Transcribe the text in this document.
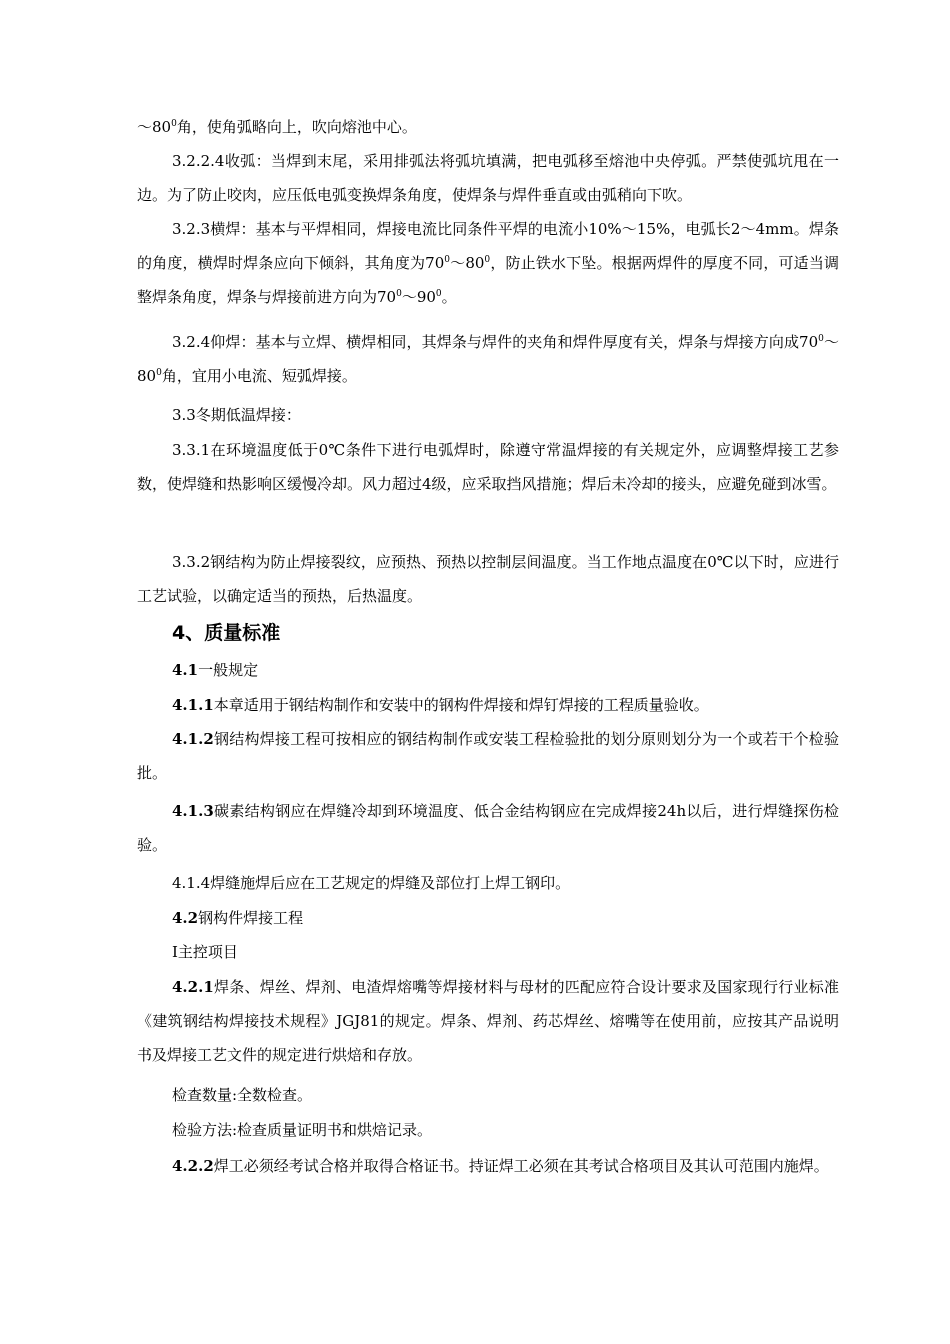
$\sim 80^0$角，使角弧略向上，吹向熔池中心。

3.2.2.4收弧：当焊到末尾，采用排弧法将弧坑填满，把电弧移至熔池中央停弧。严禁使弧坑甩在一边。为了防止咬肉，应压低电弧变换焊条角度，使焊条与焊件垂直或由弧稍向下吹。

3.2.3横焊：基本与平焊相同，焊接电流比同条件平焊的电流小10%～15%，电弧长2～4mm。焊条的角度，横焊时焊条应向下倾斜，其角度为$70^0\sim 80^0$，防止铁水下坠。根据两焊件的厚度不同，可适当调整焊条角度，焊条与焊接前进方向为$70^0\sim 90^0$。

3.2.4仰焊：基本与立焊、横焊相同，其焊条与焊件的夹角和焊件厚度有关，焊条与焊接方向成$70^0\sim 80^0$角，宜用小电流、短弧焊接。

3.3冬期低温焊接：

3.3.1在环境温度低于0℃条件下进行电弧焊时，除遵守常温焊接的有关规定外，应调整焊接工艺参数，使焊缝和热影响区缓慢冷却。风力超过4级，应采取挡风措施；焊后未冷却的接头，应避免碰到冰雪。

3.3.2钢结构为防止焊接裂纹，应预热、预热以控制层间温度。当工作地点温度在0℃以下时，应进行工艺试验，以确定适当的预热，后热温度。

4、质量标准

4.1一般规定

4.1.1本章适用于钢结构制作和安装中的钢构件焊接和焊钉焊接的工程质量验收。

4.1.2钢结构焊接工程可按相应的钢结构制作或安装工程检验批的划分原则划分为一个或若干个检验批。

4.1.3碳素结构钢应在焊缝冷却到环境温度、低合金结构钢应在完成焊接24h以后，进行焊缝探伤检验。

4.1.4焊缝施焊后应在工艺规定的焊缝及部位打上焊工钢印。

4.2钢构件焊接工程

Ⅰ主控项目

4.2.1焊条、焊丝、焊剂、电渣焊熔嘴等焊接材料与母材的匹配应符合设计要求及国家现行行业标准《建筑钢结构焊接技术规程》JGJ81的规定。焊条、焊剂、药芯焊丝、熔嘴等在使用前，应按其产品说明书及焊接工艺文件的规定进行烘焙和存放。

检查数量:全数检查。

检验方法:检查质量证明书和烘焙记录。

4.2.2焊工必须经考试合格并取得合格证书。持证焊工必须在其考试合格项目及其认可范围内施焊。
